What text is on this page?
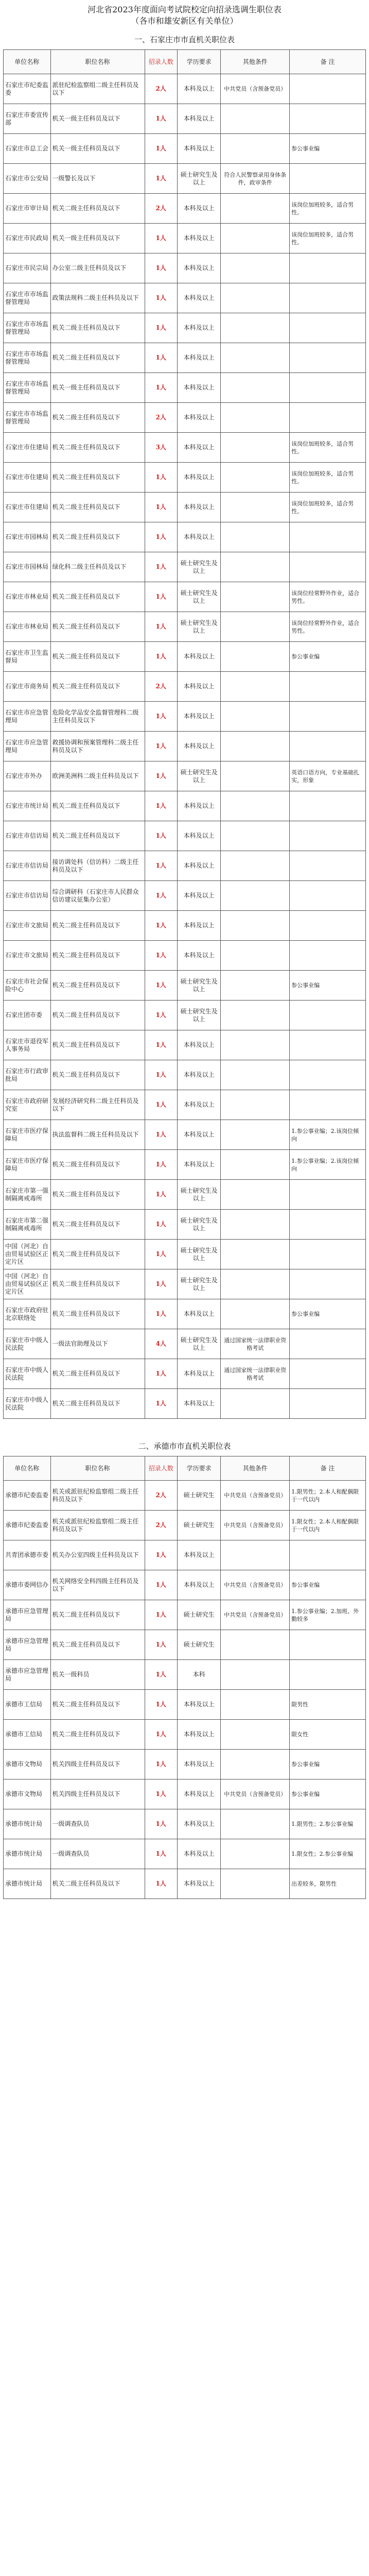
河北省2023年度面向考试院校定向招录选调生职位表
（各市和雄安新区有关单位）
一、石家庄市市直机关职位表
单位名称	职位名称	招录人数	学历要求	其他条件	备 注
石家庄市纪委监委	派驻纪检监察组二级主任科员及以下	2人	本科及以上	中共党员（含预备党员）	
石家庄市委宣传部	机关一级主任科员及以下	1人	本科及以上		
石家庄市总工会	机关一级主任科员及以下	1人	本科及以上		参公事业编
石家庄市公安局	一级警长及以下	1人	硕士研究生及以上	符合人民警察录用身体条件，政审条件	
石家庄市审计局	机关二级主任科员及以下	2人	本科及以上		该岗位加班较多，适合男性。
石家庄市民政局	机关一级主任科员及以下	1人	本科及以上		该岗位加班较多，适合男性。
石家庄市民宗局	办公室二级主任科员及以下	1人	本科及以上		
石家庄市市场监督管理局	政策法规科二级主任科员及以下	1人	本科及以上		
石家庄市市场监督管理局	机关二级主任科员及以下	1人	本科及以上		
石家庄市市场监督管理局	机关二级主任科员及以下	1人	本科及以上		
石家庄市市场监督管理局	机关一级主任科员及以下	1人	本科及以上		
石家庄市市场监督管理局	机关二级主任科员及以下	2人	本科及以上		
石家庄市住建局	机关二级主任科员及以下	3人	本科及以上		该岗位加班较多，适合男性。
石家庄市住建局	机关二级主任科员及以下	1人	本科及以上		该岗位加班较多，适合男性。
石家庄市住建局	机关二级主任科员及以下	1人	本科及以上		该岗位加班较多，适合男性。
石家庄市园林局	机关二级主任科员及以下	1人	本科及以上		
石家庄市园林局	绿化科二级主任科员及以下	1人	硕士研究生及以上		
石家庄市林业局	机关二级主任科员及以下	1人	硕士研究生及以上		该岗位经常野外作业，适合男性。
石家庄市林业局	机关二级主任科员及以下	1人	硕士研究生及以上		该岗位经常野外作业，适合男性。
石家庄市卫生监督局	机关二级主任科员及以下	1人	本科及以上		参公事业编
石家庄市商务局	机关二级主任科员及以下	2人	本科及以上		
石家庄市应急管理局	危险化学品安全监督管理科二级主任科员及以下	1人	本科及以上		
石家庄市应急管理局	救援协调和预案管理科二级主任科员及以下	1人	本科及以上		
石家庄市外办	欧洲美洲科二级主任科员及以下	1人	硕士研究生及以上		英语口语方向，专业基础扎实，形象
石家庄市统计局	机关二级主任科员及以下	1人	本科及以上		
石家庄市信访局	机关二级主任科员及以下	1人	本科及以上		
石家庄市信访局	接访调处科（信访科）二级主任科员及以下	1人	本科及以上		
石家庄市信访局	综合调研科（石家庄市人民群众信访建议征集办公室）	1人	本科及以上		
石家庄市文旅局	机关二级主任科员及以下	1人	本科及以上		
石家庄市文旅局	机关二级主任科员及以下	1人	本科及以上		
石家庄市社会保险中心	机关二级主任科员及以下	1人	硕士研究生及以上		参公事业编
石家庄团市委	机关二级主任科员及以下	1人	硕士研究生及以上		
石家庄市退役军人事务局	机关二级主任科员及以下	1人	本科及以上		
石家庄市行政审批局	机关二级主任科员及以下	1人	本科及以上		
石家庄市政府研究室	发展经济研究科二级主任科员及以下	1人	本科及以上		
石家庄市医疗保障局	执法监督科二级主任科员及以下	1人	本科及以上		1.参公事业编；2.该岗位倾向
石家庄市医疗保障局	机关二级主任科员及以下	1人	本科及以上		1.参公事业编；2.该岗位倾向
石家庄市第一强制隔离戒毒所	机关二级主任科员及以下	1人	硕士研究生及以上		
石家庄市第二强制隔离戒毒所	机关二级主任科员及以下	1人	硕士研究生及以上		
中国（河北）自由贸易试验区正定片区	机关二级主任科员及以下	1人	硕士研究生及以上		
中国（河北）自由贸易试验区正定片区	机关二级主任科员及以下	1人	硕士研究生及以上		
石家庄市政府驻北京联络处	机关二级主任科员及以下	1人	本科及以上		参公事业编
石家庄市中级人民法院	一级法官助理及以下	4人	硕士研究生及以上	通过国家统一法律职业资格考试	
石家庄市中级人民法院	机关二级主任科员及以下	1人	本科及以上	通过国家统一法律职业资格考试	
石家庄市中级人民法院	机关二级主任科员及以下	1人	本科及以上		
二、承德市市直机关职位表
单位名称	职位名称	招录人数	学历要求	其他条件	备 注
承德市纪委监委	机关或派驻纪检监察组二级主任科员及以下	2人	硕士研究生	中共党员（含预备党员）	1.限男性；2.本人和配偶限于一代以内
承德市纪委监委	机关或派驻纪检监察组二级主任科员及以下	2人	硕士研究生	中共党员（含预备党员）	1.限女性；2.本人和配偶限于一代以内
共青团承德市委	机关办公室四级主任科员及以下	1人	本科及以上		
承德市委网信办	机关网络安全科四级主任科员及以下	1人	本科及以上	中共党员（含预备党员）	参公事业编
承德市应急管理局	机关二级主任科员及以下	1人	硕士研究生	中共党员（含预备党员）	1.参公事业编；2.加班、外勤较多
承德市应急管理局	机关二级主任科员及以下	1人	硕士研究生		
承德市应急管理局	机关一级科员	1人	本科		
承德市工信局	机关二级主任科员及以下	1人	本科及以上		限男性
承德市工信局	机关二级主任科员及以下	1人	本科及以上		限女性
承德市文物局	机关四级主任科员及以下	1人	本科及以上		参公事业编
承德市文物局	机关四级主任科员及以下	1人	本科及以上	中共党员（含预备党员）	参公事业编
承德市统计局	一级调查队员	1人	本科及以上		1.限男性；2.参公事业编
承德市统计局	一级调查队员	1人	本科及以上		1.限女性；2.参公事业编
承德市统计局	机关二级主任科员及以下	1人	本科及以上		出差较多，限男性
